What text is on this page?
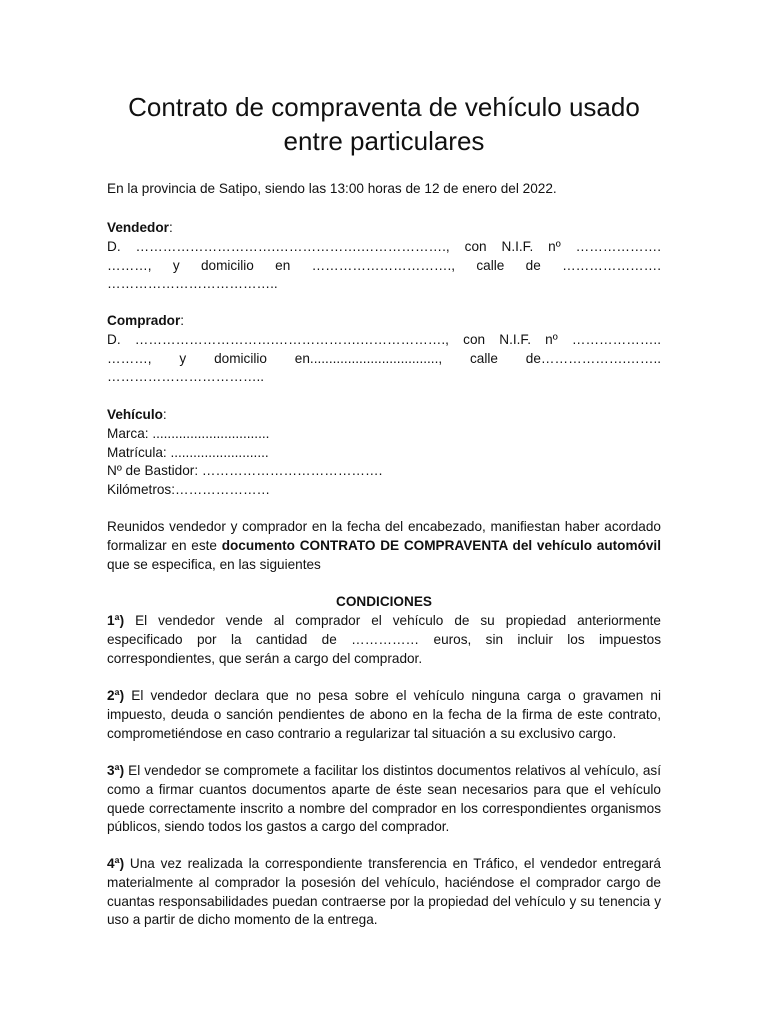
Contrato de compraventa de vehículo usado
entre particulares

En la provincia de Satipo, siendo las 13:00 horas de 12 de enero del 2022.

Vendedor:
D. ………………………….……………….………………., con N.I.F. nº ……………….
………, y domicilio en …………………………., calle de ………………….
………………………………..
Comprador:
D. ………………………….……………….………………., con N.I.F. nº ………………..
………, y domicilio en.................................., calle de……………….……..
……………………………..
Vehículo:
Marca: ...............................
Matrícula: ..........................
Nº de Bastidor: ………………………………….
Kilómetros:…………………

Reunidos vendedor y comprador en la fecha del encabezado, manifiestan haber acordado formalizar en este documento CONTRATO DE COMPRAVENTA del vehículo automóvil que se especifica, en las siguientes

CONDICIONES

1ª) El vendedor vende al comprador el vehículo de su propiedad anteriormente especificado por la cantidad de …………… euros, sin incluir los impuestos correspondientes, que serán a cargo del comprador.

2ª) El vendedor declara que no pesa sobre el vehículo ninguna carga o gravamen ni impuesto, deuda o sanción pendientes de abono en la fecha de la firma de este contrato, comprometiéndose en caso contrario a regularizar tal situación a su exclusivo cargo.

3ª) El vendedor se compromete a facilitar los distintos documentos relativos al vehículo, así como a firmar cuantos documentos aparte de éste sean necesarios para que el vehículo quede correctamente inscrito a nombre del comprador en los correspondientes organismos públicos, siendo todos los gastos a cargo del comprador.

4ª) Una vez realizada la correspondiente transferencia en Tráfico, el vendedor entregará materialmente al comprador la posesión del vehículo, haciéndose el comprador cargo de cuantas responsabilidades puedan contraerse por la propiedad del vehículo y su tenencia y uso a partir de dicho momento de la entrega.
